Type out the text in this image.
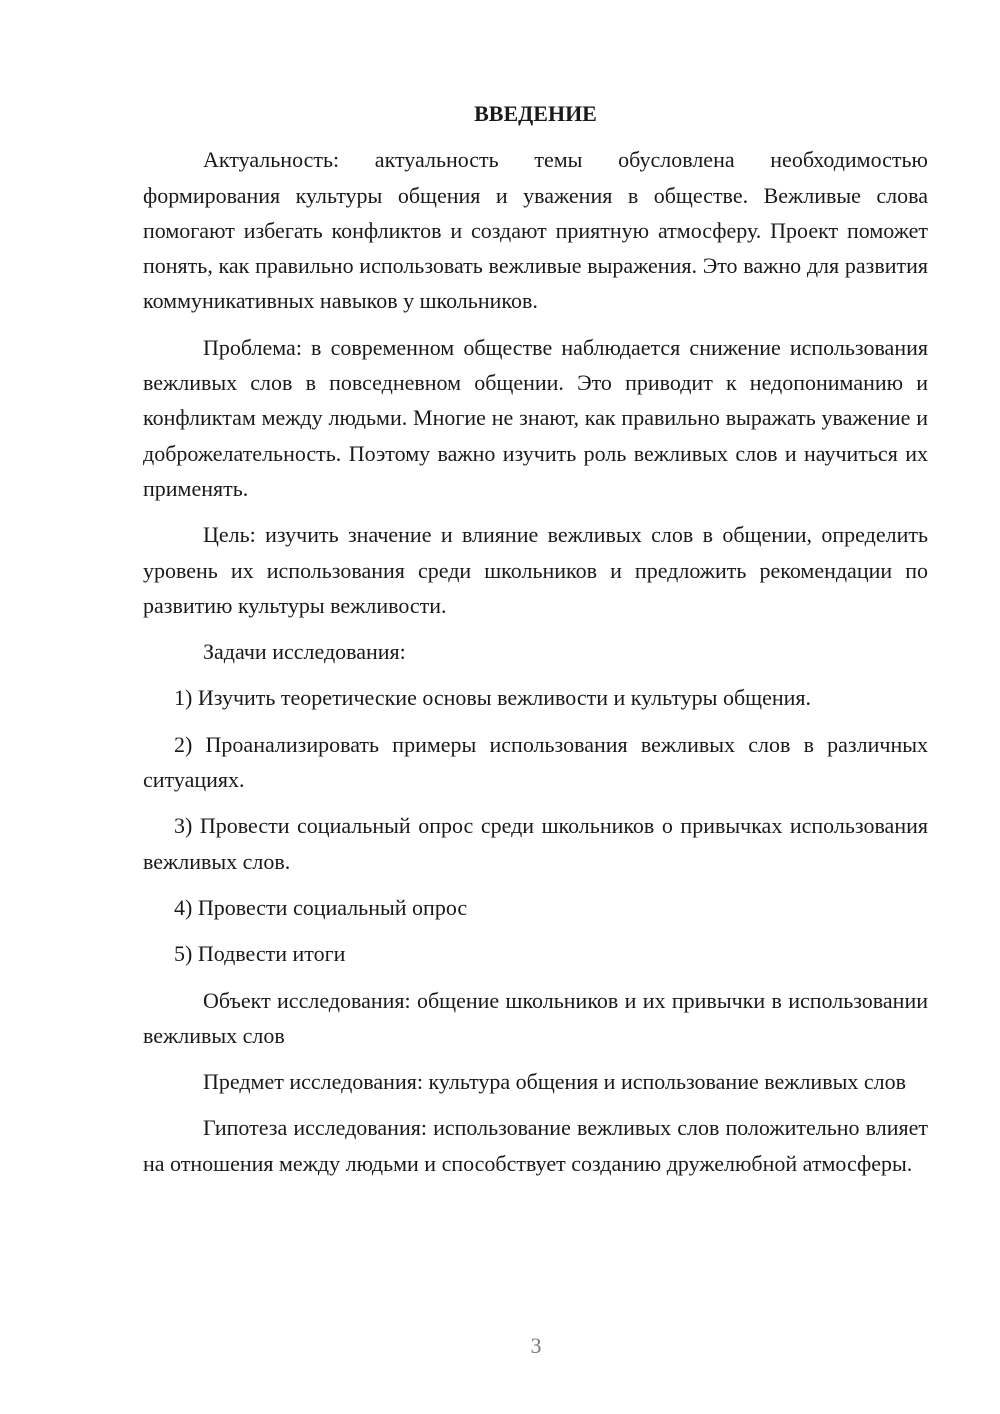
ВВЕДЕНИЕ

Актуальность: актуальность темы обусловлена необходимостью формирования культуры общения и уважения в обществе. Вежливые слова помогают избегать конфликтов и создают приятную атмосферу. Проект поможет понять, как правильно использовать вежливые выражения. Это важно для развития коммуникативных навыков у школьников.

Проблема: в современном обществе наблюдается снижение использования вежливых слов в повседневном общении. Это приводит к недопониманию и конфликтам между людьми. Многие не знают, как правильно выражать уважение и доброжелательность. Поэтому важно изучить роль вежливых слов и научиться их применять.

Цель: изучить значение и влияние вежливых слов в общении, определить уровень их использования среди школьников и предложить рекомендации по развитию культуры вежливости.

Задачи исследования:

1) Изучить теоретические основы вежливости и культуры общения.

2) Проанализировать примеры использования вежливых слов в различных ситуациях.

3) Провести социальный опрос среди школьников о привычках использования вежливых слов.

4) Провести социальный опрос

5) Подвести итоги

Объект исследования: общение школьников и их привычки в использовании вежливых слов

Предмет исследования: культура общения и использование вежливых слов

Гипотеза исследования: использование вежливых слов положительно влияет на отношения между людьми и способствует созданию дружелюбной атмосферы.

3
